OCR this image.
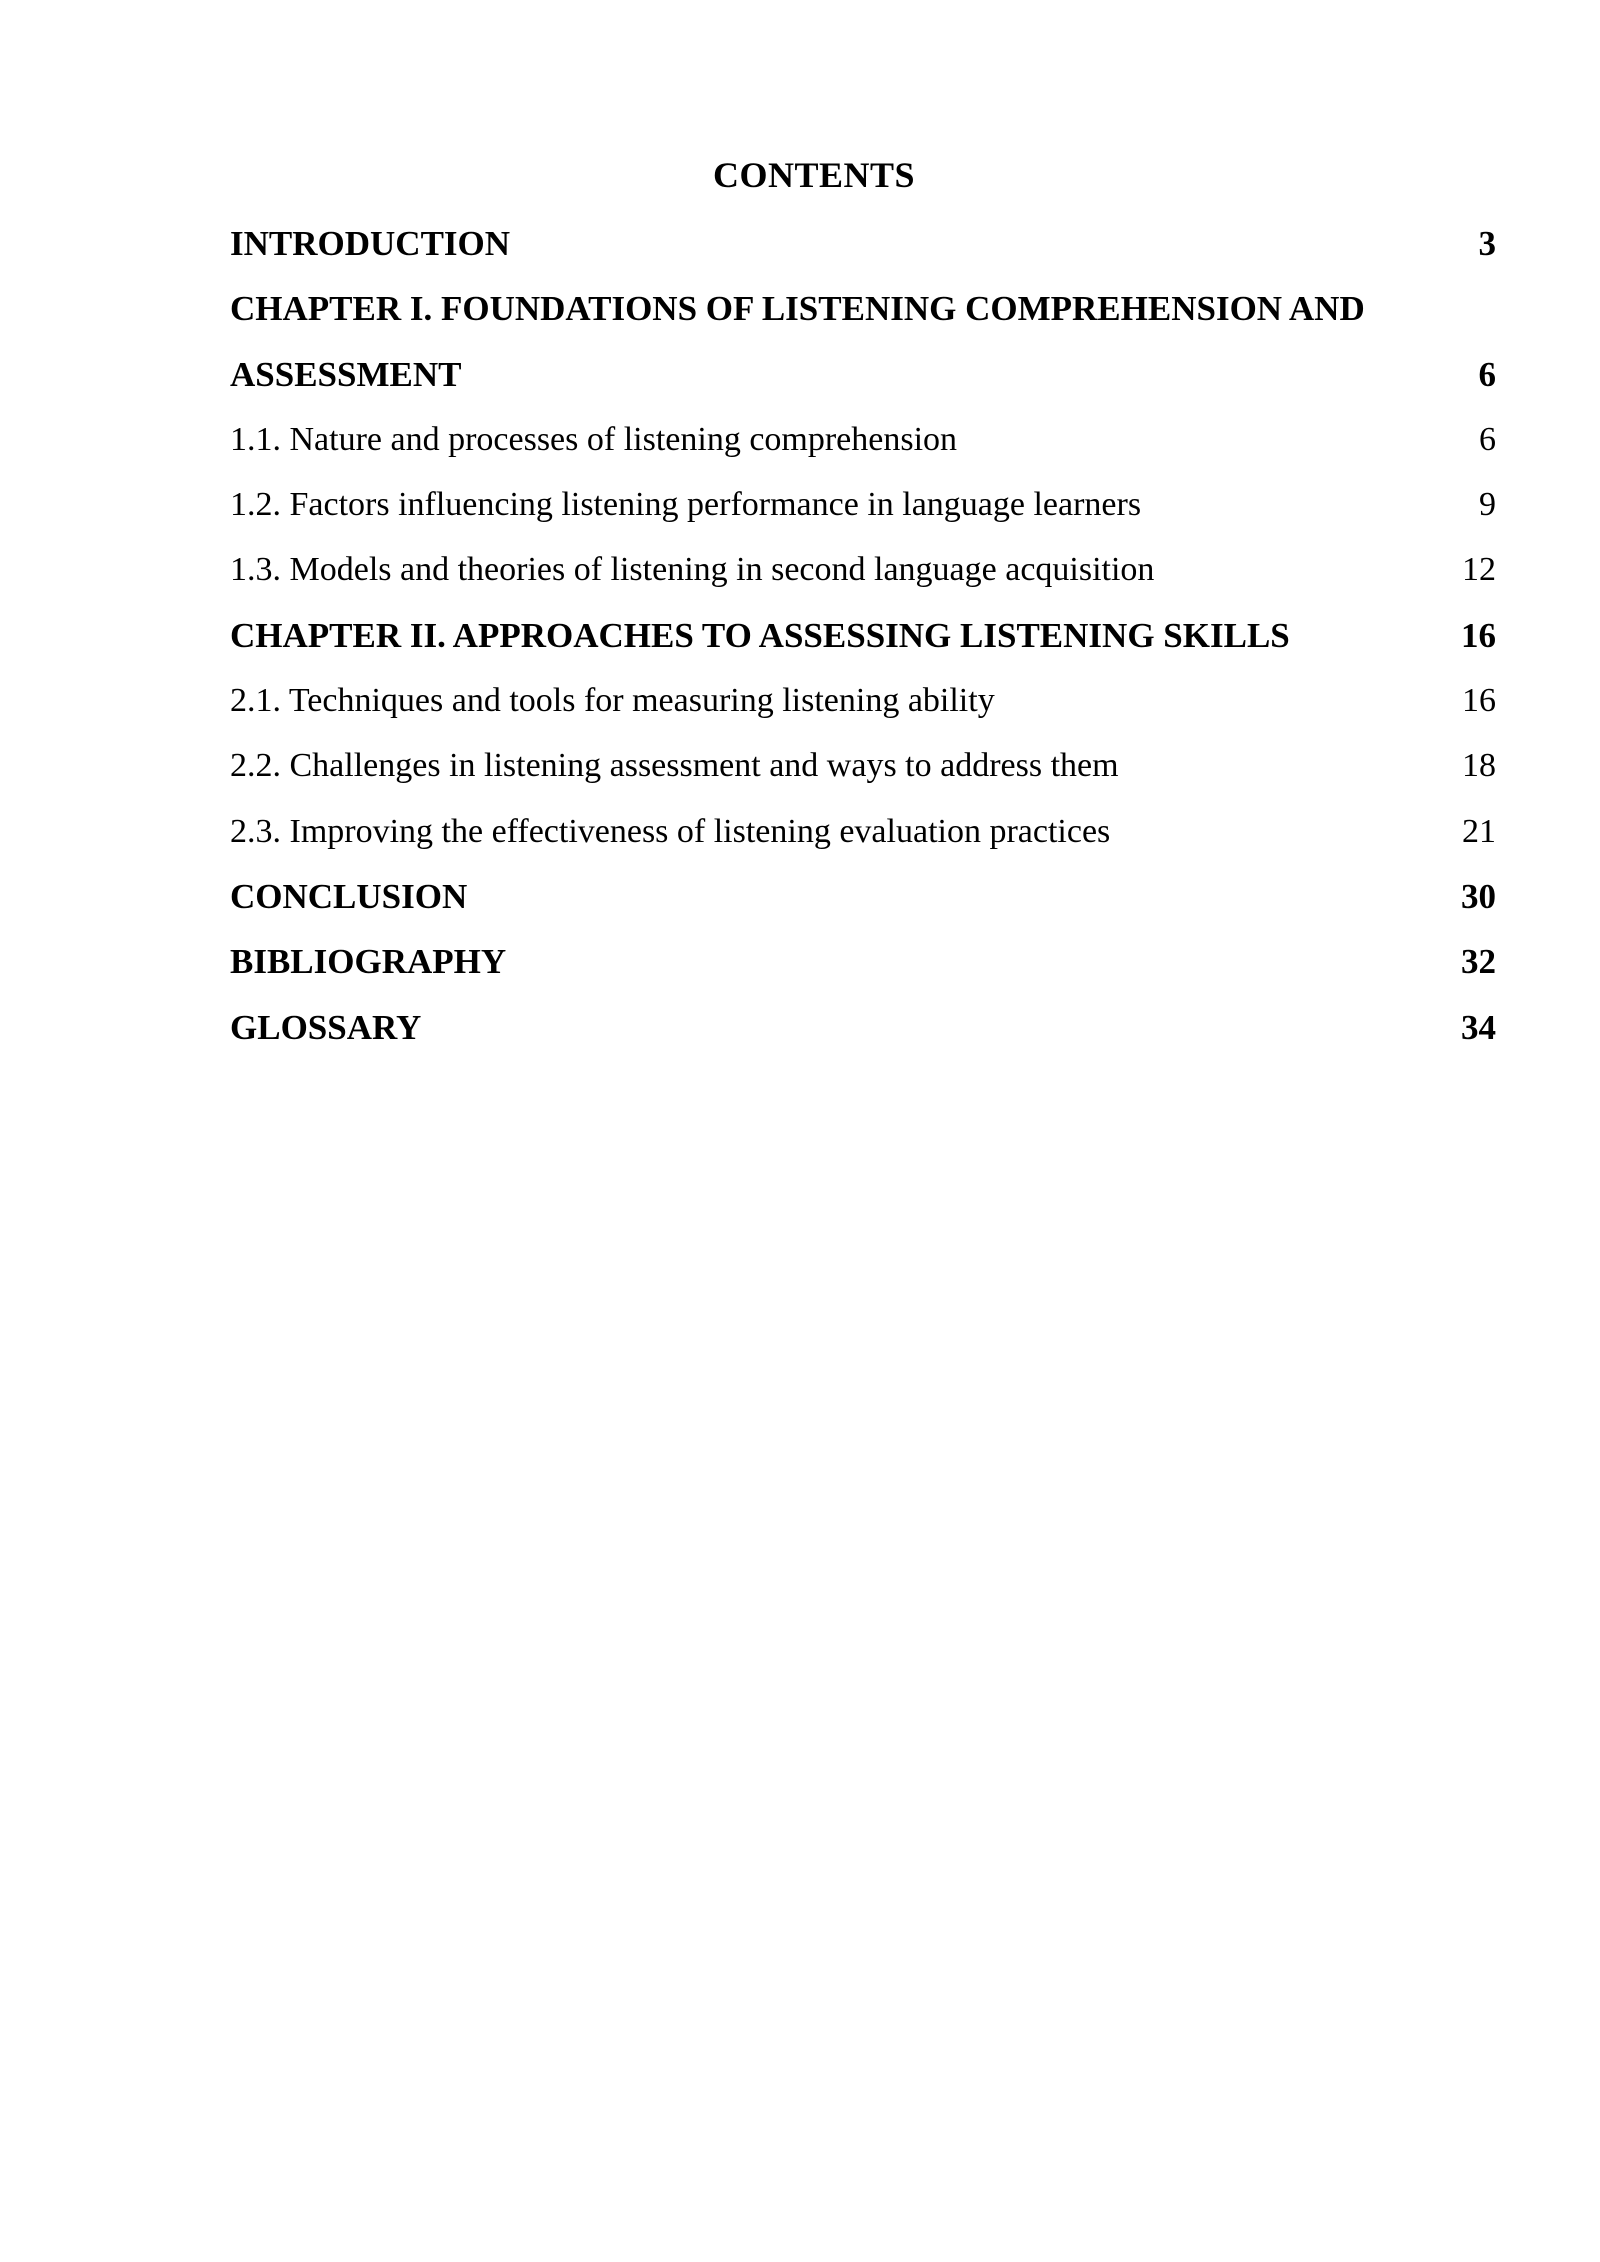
CONTENTS
INTRODUCTION	3
CHAPTER I. FOUNDATIONS OF LISTENING COMPREHENSION AND
ASSESSMENT	6
1.1. Nature and processes of listening comprehension	6
1.2. Factors influencing listening performance in language learners	9
1.3. Models and theories of listening in second language acquisition	12
CHAPTER II. APPROACHES TO ASSESSING LISTENING SKILLS	16
2.1. Techniques and tools for measuring listening ability	16
2.2. Challenges in listening assessment and ways to address them	18
2.3. Improving the effectiveness of listening evaluation practices	21
CONCLUSION	30
BIBLIOGRAPHY	32
GLOSSARY	34
